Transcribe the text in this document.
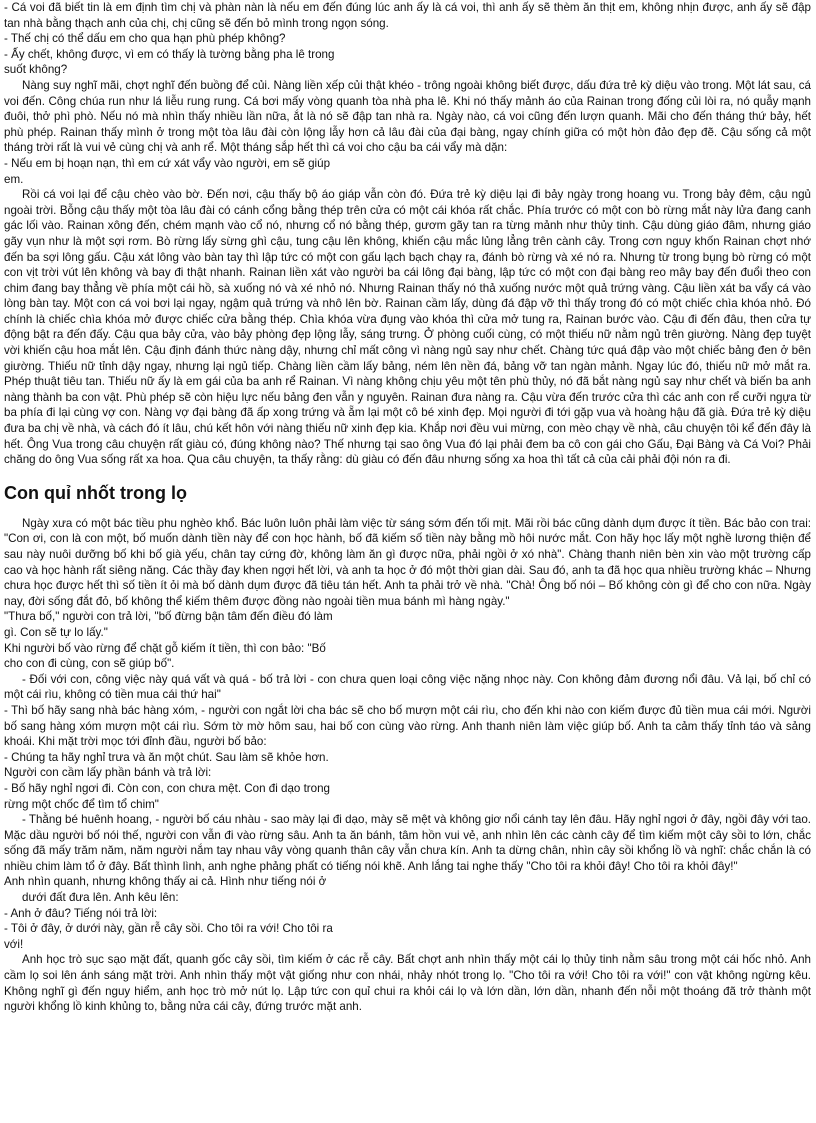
- Cá voi đã biết tin là em định tìm chị và phàn nàn là nếu em đến đúng lúc anh ấy là cá voi, thì anh ấy sẽ thèm ăn thịt em, không nhịn được, anh ấy sẽ đập tan nhà bằng thạch anh của chị, chị cũng sẽ đến bỏ mình trong ngọn sóng.

- Thế chị có thể dấu em cho qua hạn phù phép không?

- Ấy chết, không được, vì em có thấy là tường bằng pha lê trong

suốt không?

Nàng suy nghĩ mãi, chợt nghĩ đến buồng để củi. Nàng liền xếp củi thật khéo - trông ngoài không biết được, dấu đứa trẻ kỳ diệu vào trong. Một lát sau, cá voi đến. Công chúa run như lá liễu rung rung. Cá bơi mấy vòng quanh tòa nhà pha lê. Khi nó thấy mảnh áo của Rainan trong đống củi lòi ra, nó quẫy mạnh đuôi, thở phì phò. Nếu nó mà nhìn thấy nhiều lần nữa, ắt là nó sẽ đập tan nhà ra. Ngày nào, cá voi cũng đến lượn quanh. Mãi cho đến tháng thứ bảy, hết phù phép. Rainan thấy mình ở trong một tòa lâu đài còn lộng lẫy hơn cả lâu đài của đại bàng, ngay chính giữa có một hòn đảo đẹp đẽ. Cậu sống cả một tháng trời rất là vui vẻ cùng chị và anh rể. Một tháng sắp hết thì cá voi cho cậu ba cái vẩy mà dặn:

- Nếu em bị hoạn nạn, thì em cứ xát vẩy vào người, em sẽ giúp

em.

Rồi cá voi lại để cậu chèo vào bờ. Đến nơi, cậu thấy bộ áo giáp vẫn còn đó. Đứa trẻ kỳ diệu lại đi bảy ngày trong hoang vu. Trong bảy đêm, cậu ngủ ngoài trời. Bỗng cậu thấy một tòa lâu đài có cánh cổng bằng thép trên cửa có một cái khóa rất chắc. Phía trước có một con bò rừng mắt này lửa đang canh gác lối vào. Rainan xông đến, chém mạnh vào cổ nó, nhưng cổ nó bằng thép, gươm gãy tan ra từng mảnh như thủy tinh. Cậu dùng giáo đâm, nhưng giáo gãy vụn như là một sợi rơm. Bò rừng lấy sừng ghì cậu, tung cậu lên không, khiến cậu mắc lủng lẳng trên cành cây. Trong cơn nguy khốn Rainan chợt nhớ đến ba sợi lông gấu. Cậu xát lông vào bàn tay thì lập tức có một con gấu lạch bạch chạy ra, đánh bò rừng và xé nó ra. Nhưng từ trong bụng bò rừng có một con vịt trời vút lên không và bay đi thật nhanh. Rainan liền xát vào người ba cái lông đại bàng, lập tức có một con đại bàng reo mây bay đến đuổi theo con chim đang bay thẳng về phía một cái hồ, sà xuống nó và xé nhỏ nó. Nhưng Rainan thấy nó thả xuống nước một quả trứng vàng. Cậu liền xát ba vẩy cá vào lòng bàn tay. Một con cá voi bơi lại ngay, ngậm quả trứng và nhô lên bờ. Rainan cầm lấy, dùng đá đập vỡ thì thấy trong đó có một chiếc chìa khóa nhỏ. Đó chính là chiếc chìa khóa mở được chiếc cửa bằng thép. Chìa khóa vừa đụng vào khóa thì cửa mở tung ra, Rainan bước vào. Cậu đi đến đâu, then cửa tự động bật ra đến đấy. Cậu qua bảy cửa, vào bảy phòng đẹp lộng lẫy, sáng trưng. Ở phòng cuối cùng, có một thiếu nữ nằm ngủ trên giường. Nàng đẹp tuyệt vời khiến cậu hoa mắt lên. Cậu định đánh thức nàng dậy, nhưng chỉ mất công vì nàng ngủ say như chết. Chàng tức quá đập vào một chiếc bảng đen ở bên giường. Thiếu nữ tỉnh dậy ngay, nhưng lại ngủ tiếp. Chàng liền cầm lấy bảng, ném lên nền đá, bảng vỡ tan ngàn mảnh. Ngay lúc đó, thiếu nữ mở mắt ra. Phép thuật tiêu tan. Thiếu nữ ấy là em gái của ba anh rể Rainan. Vì nàng không chịu yêu một tên phù thủy, nó đã bắt nàng ngủ say như chết và biến ba anh nàng thành ba con vật. Phù phép sẽ còn hiệu lực nếu bảng đen vẫn y nguyên. Rainan đưa nàng ra. Cậu vừa đến trước cửa thì các anh con rể cưỡi ngựa từ ba phía đi lại cùng vợ con. Nàng vợ đại bàng đã ấp xong trứng và ẵm lại một cô bé xinh đẹp. Mọi người đi tới gặp vua và hoàng hậu đã già. Đứa trẻ kỳ diệu đưa ba chị về nhà, và cách đó ít lâu, chú kết hôn với nàng thiếu nữ xinh đẹp kia. Khắp nơi đều vui mừng, con mèo chạy về nhà, câu chuyện tôi kể đến đây là hết. Ông Vua trong câu chuyện rất giàu có, đúng không nào? Thế nhưng tại sao ông Vua đó lại phải đem ba cô con gái cho Gấu, Đại Bàng và Cá Voi? Phải chăng do ông Vua sống rất xa hoa. Qua câu chuyện, ta thấy rằng: dù giàu có đến đâu nhưng sống xa hoa thì tất cả của cải phải đội nón ra đi.

Con quỉ nhốt trong lọ

Ngày xưa có một bác tiều phu nghèo khổ. Bác luôn luôn phải làm việc từ sáng sớm đến tối mịt. Mãi rồi bác cũng dành dụm được ít tiền. Bác bảo con trai: "Con ơi, con là con một, bố muốn dành tiền này để con học hành, bố đã kiếm số tiền này bằng mồ hôi nước mắt. Con hãy học lấy một nghề lương thiện để sau này nuôi dưỡng bố khi bố già yếu, chân tay cứng đờ, không làm ăn gì được nữa, phải ngồi ở xó nhà". Chàng thanh niên bèn xin vào một trường cấp cao và học hành rất siêng năng. Các thầy đay khen ngợi hết lời, và anh ta học ở đó một thời gian dài. Sau đó, anh ta đã học qua nhiều trường khác – Nhưng chưa học được hết thì số tiền ít ỏi mà bố dành dụm được đã tiêu tán hết. Anh ta phải trở về nhà. "Chà! Ông bố nói – Bố không còn gì để cho con nữa. Ngày nay, đời sống đắt đỏ, bố không thể kiếm thêm được đồng nào ngoài tiền mua bánh mì hàng ngày."

"Thưa bố," người con trả lời, "bố đừng bận tâm đến điều đó làm

gì. Con sẽ tự lo lấy."

Khi người bố vào rừng để chặt gỗ kiếm ít tiền, thì con bảo: "Bố

cho con đi cùng, con sẽ giúp bố".

- Đối với con, công việc này quá vất và quá - bố trả lời - con chưa quen loại công việc nặng nhọc này. Con không đảm đương nổi đâu. Vả lại, bố chỉ có một cái rìu, không có tiền mua cái thứ hai"

- Thì bố hãy sang nhà bác hàng xóm, - người con ngắt lời cha bác sẽ cho bố mượn một cái rìu, cho đến khi nào con kiếm được đủ tiền mua cái mới. Người bố sang hàng xóm mượn một cái rìu. Sớm tờ mờ hôm sau, hai bố con cùng vào rừng. Anh thanh niên làm việc giúp bố. Anh ta cảm thấy tỉnh táo và sảng khoái. Khi mặt trời mọc tới đỉnh đầu, người bố bảo:

- Chúng ta hãy nghỉ trưa và ăn một chút. Sau làm sẽ khỏe hơn.

Người con cầm lấy phần bánh và trả lời:

- Bố hãy nghỉ ngơi đi. Còn con, con chưa mệt. Con đi dạo trong

rừng một chốc để tìm tổ chim"

- Thằng bé huênh hoang, - người bố cáu nhàu - sao mày lại đi dạo, mày sẽ mệt và không giơ nổi cánh tay lên đâu. Hãy nghỉ ngơi ở đây, ngồi đây với tao. Mặc dầu người bố nói thế, người con vẫn đi vào rừng sâu. Anh ta ăn bánh, tâm hồn vui vẻ, anh nhìn lên các cành cây để tìm kiếm một cây sồi to lớn, chắc sống đã mấy trăm năm, năm người nắm tay nhau vây vòng quanh thân cây vẫn chưa kín. Anh ta dừng chân, nhìn cây sồi khổng lồ và nghĩ: chắc chắn là có nhiều chim làm tổ ở đây. Bất thình lình, anh nghe phảng phất có tiếng nói khẽ. Anh lắng tai nghe thấy "Cho tôi ra khỏi đây! Cho tôi ra khỏi đây!"

Anh nhìn quanh, nhưng không thấy ai cả. Hình như tiếng nói ở

dưới đất đưa lên. Anh kêu lên:

- Anh ở đâu? Tiếng nói trả lời:

- Tôi ở đây, ở dưới này, gần rễ cây sồi. Cho tôi ra với! Cho tôi ra

với!

Anh học trò sục sạo mặt đất, quanh gốc cây sồi, tìm kiếm ở các rễ cây. Bất chợt anh nhìn thấy một cái lọ thủy tinh nằm sâu trong một cái hốc nhỏ. Anh cầm lọ soi lên ánh sáng mặt trời. Anh nhìn thấy một vật giống như con nhái, nhảy nhót trong lọ. "Cho tôi ra với! Cho tôi ra với!" con vật không ngừng kêu. Không nghĩ gì đến nguy hiểm, anh học trò mở nút lọ. Lập tức con quỉ chui ra khỏi cái lọ và lớn dần, lớn dần, nhanh đến nỗi một thoáng đã trở thành một người khổng lồ kinh khủng to, bằng nửa cái cây, đứng trước mặt anh.
